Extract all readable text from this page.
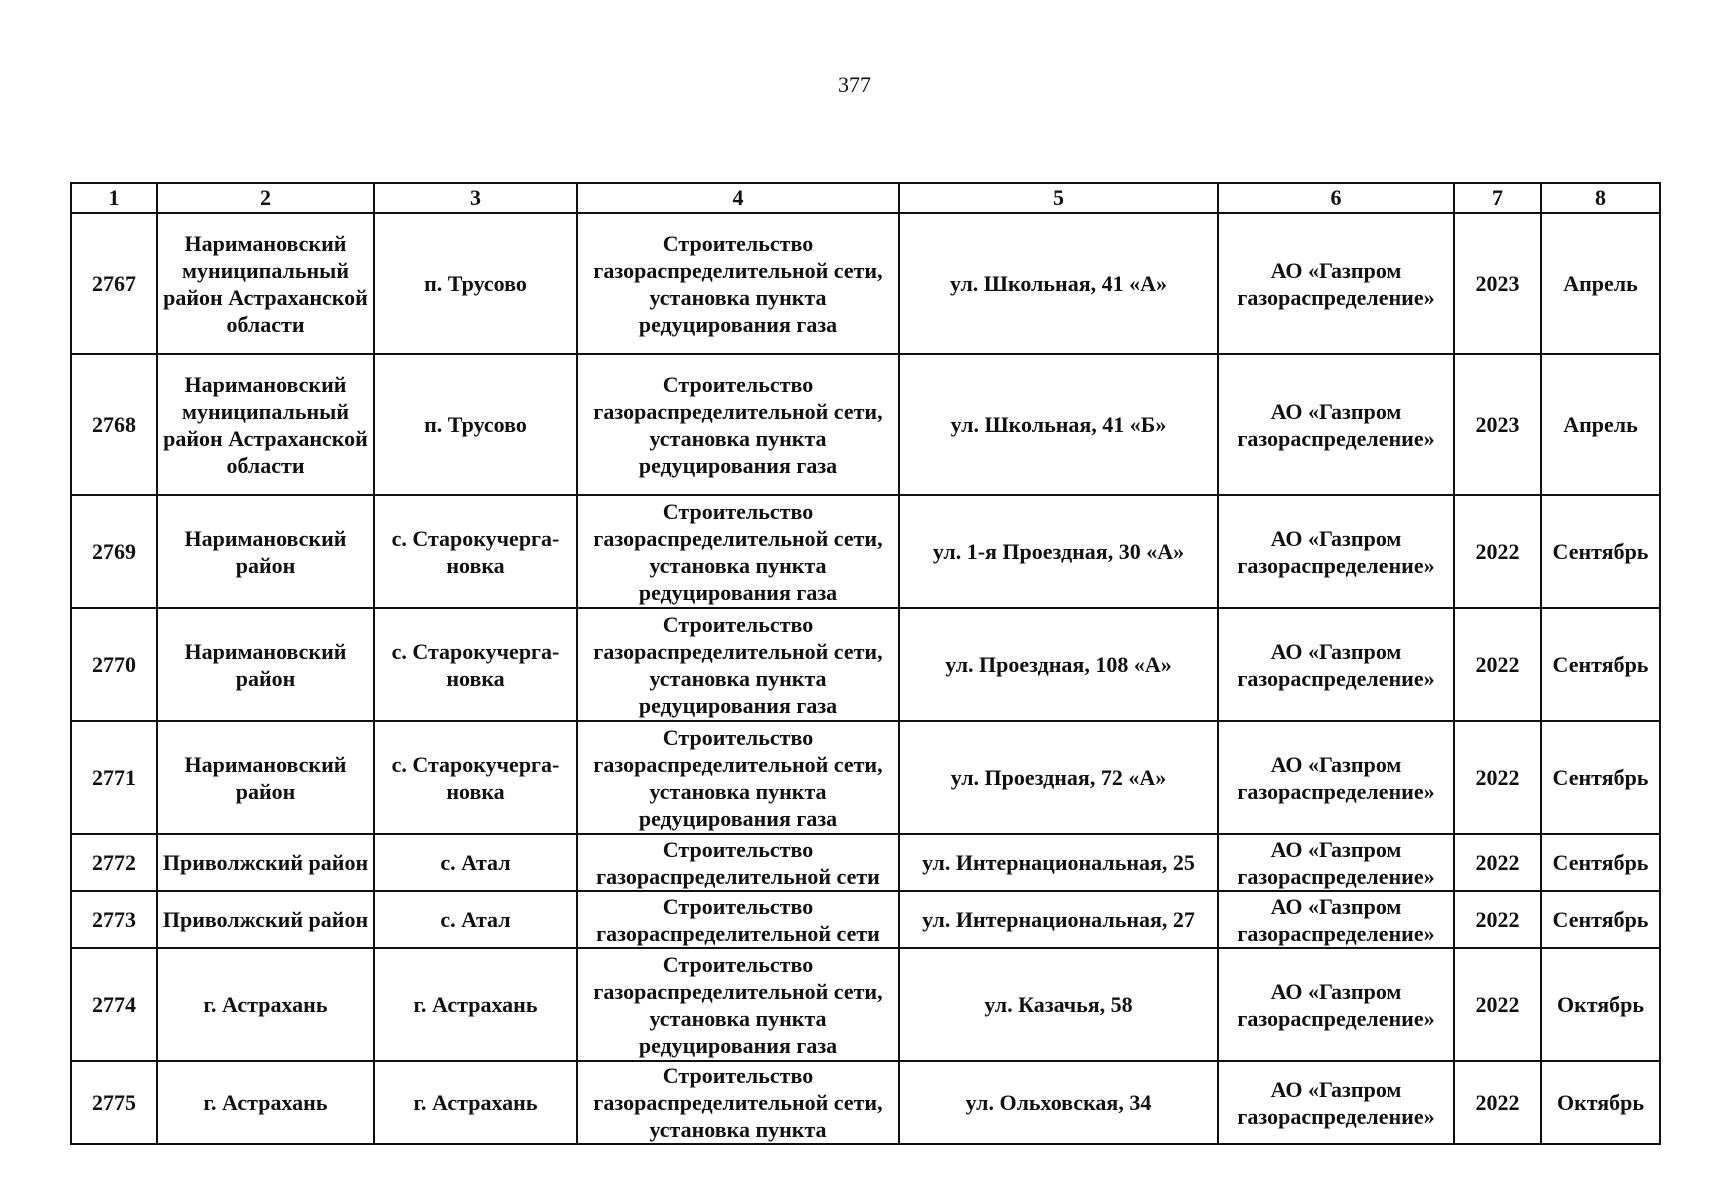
377
1	2	3	4	5	6	7	8
2767	Наримановский муниципальный район Астраханской области	п. Трусово	Строительство газораспределительной сети, установка пункта редуцирования газа	ул. Школьная, 41 «А»	АО «Газпром газораспределение»	2023	Апрель
2768	Наримановский муниципальный район Астраханской области	п. Трусово	Строительство газораспределительной сети, установка пункта редуцирования газа	ул. Школьная, 41 «Б»	АО «Газпром газораспределение»	2023	Апрель
2769	Наримановский район	с. Старокучерга-новка	Строительство газораспределительной сети, установка пункта редуцирования газа	ул. 1-я Проездная, 30 «А»	АО «Газпром газораспределение»	2022	Сентябрь
2770	Наримановский район	с. Старокучерга-новка	Строительство газораспределительной сети, установка пункта редуцирования газа	ул. Проездная, 108 «А»	АО «Газпром газораспределение»	2022	Сентябрь
2771	Наримановский район	с. Старокучерга-новка	Строительство газораспределительной сети, установка пункта редуцирования газа	ул. Проездная, 72 «А»	АО «Газпром газораспределение»	2022	Сентябрь
2772	Приволжский район	с. Атал	Строительство газораспределительной сети	ул. Интернациональная, 25	АО «Газпром газораспределение»	2022	Сентябрь
2773	Приволжский район	с. Атал	Строительство газораспределительной сети	ул. Интернациональная, 27	АО «Газпром газораспределение»	2022	Сентябрь
2774	г. Астрахань	г. Астрахань	Строительство газораспределительной сети, установка пункта редуцирования газа	ул. Казачья, 58	АО «Газпром газораспределение»	2022	Октябрь
2775	г. Астрахань	г. Астрахань	Строительство газораспределительной сети, установка пункта	ул. Ольховская, 34	АО «Газпром газораспределение»	2022	Октябрь
